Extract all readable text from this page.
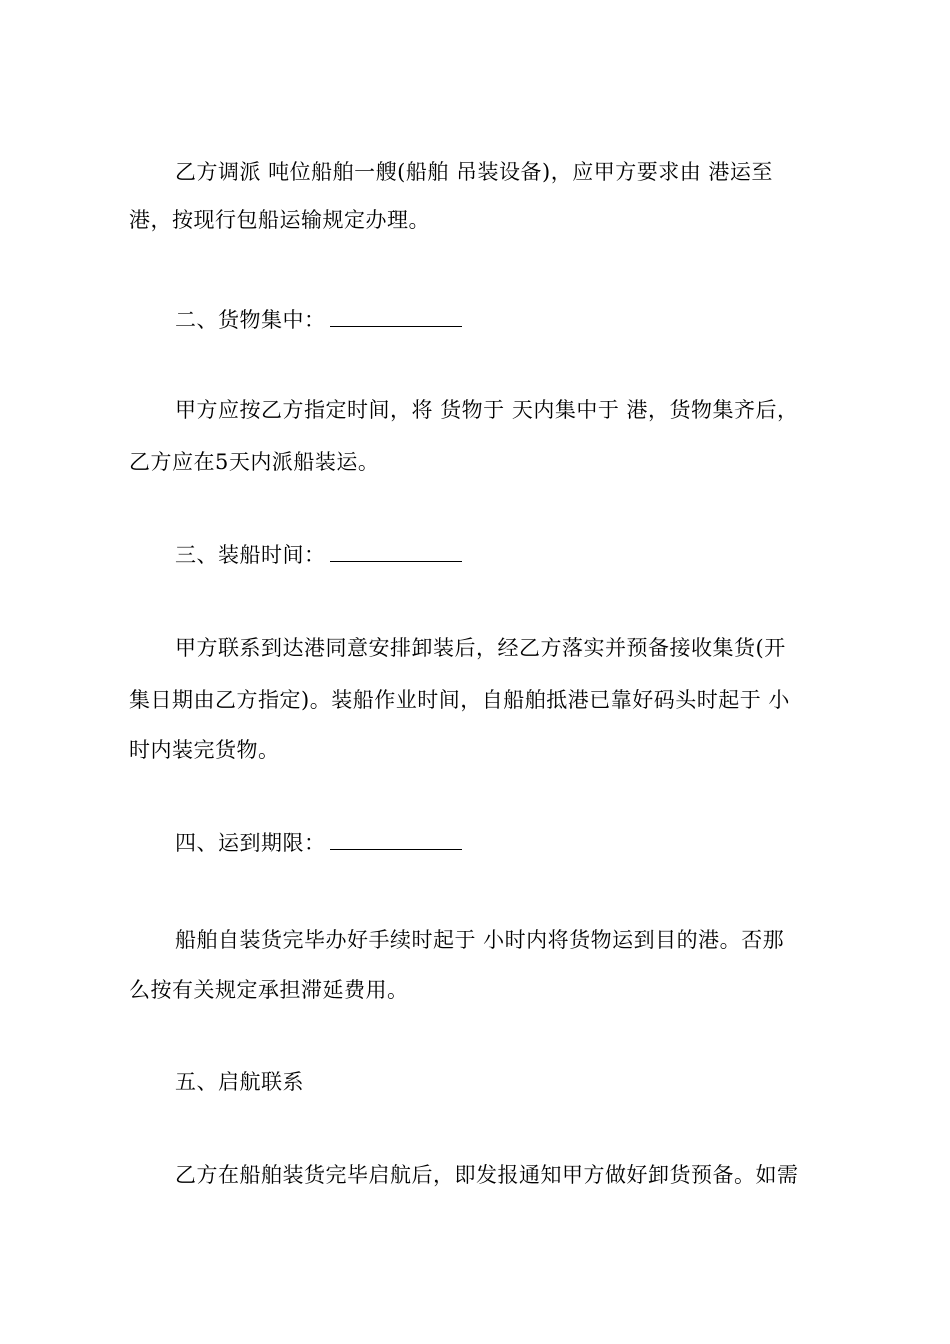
乙方调派 吨位船舶一艘(船舶 吊装设备)，应甲方要求由 港运至
港，按现行包船运输规定办理。
二、货物集中：
甲方应按乙方指定时间，将 货物于 天内集中于 港，货物集齐后，
乙方应在5天内派船装运。
三、装船时间：
甲方联系到达港同意安排卸装后，经乙方落实并预备接收集货(开
集日期由乙方指定)。装船作业时间，自船舶抵港已靠好码头时起于 小
时内装完货物。
四、运到期限：
船舶自装货完毕办好手续时起于 小时内将货物运到目的港。否那
么按有关规定承担滞延费用。
五、启航联系
乙方在船舶装货完毕启航后，即发报通知甲方做好卸货预备。如需
